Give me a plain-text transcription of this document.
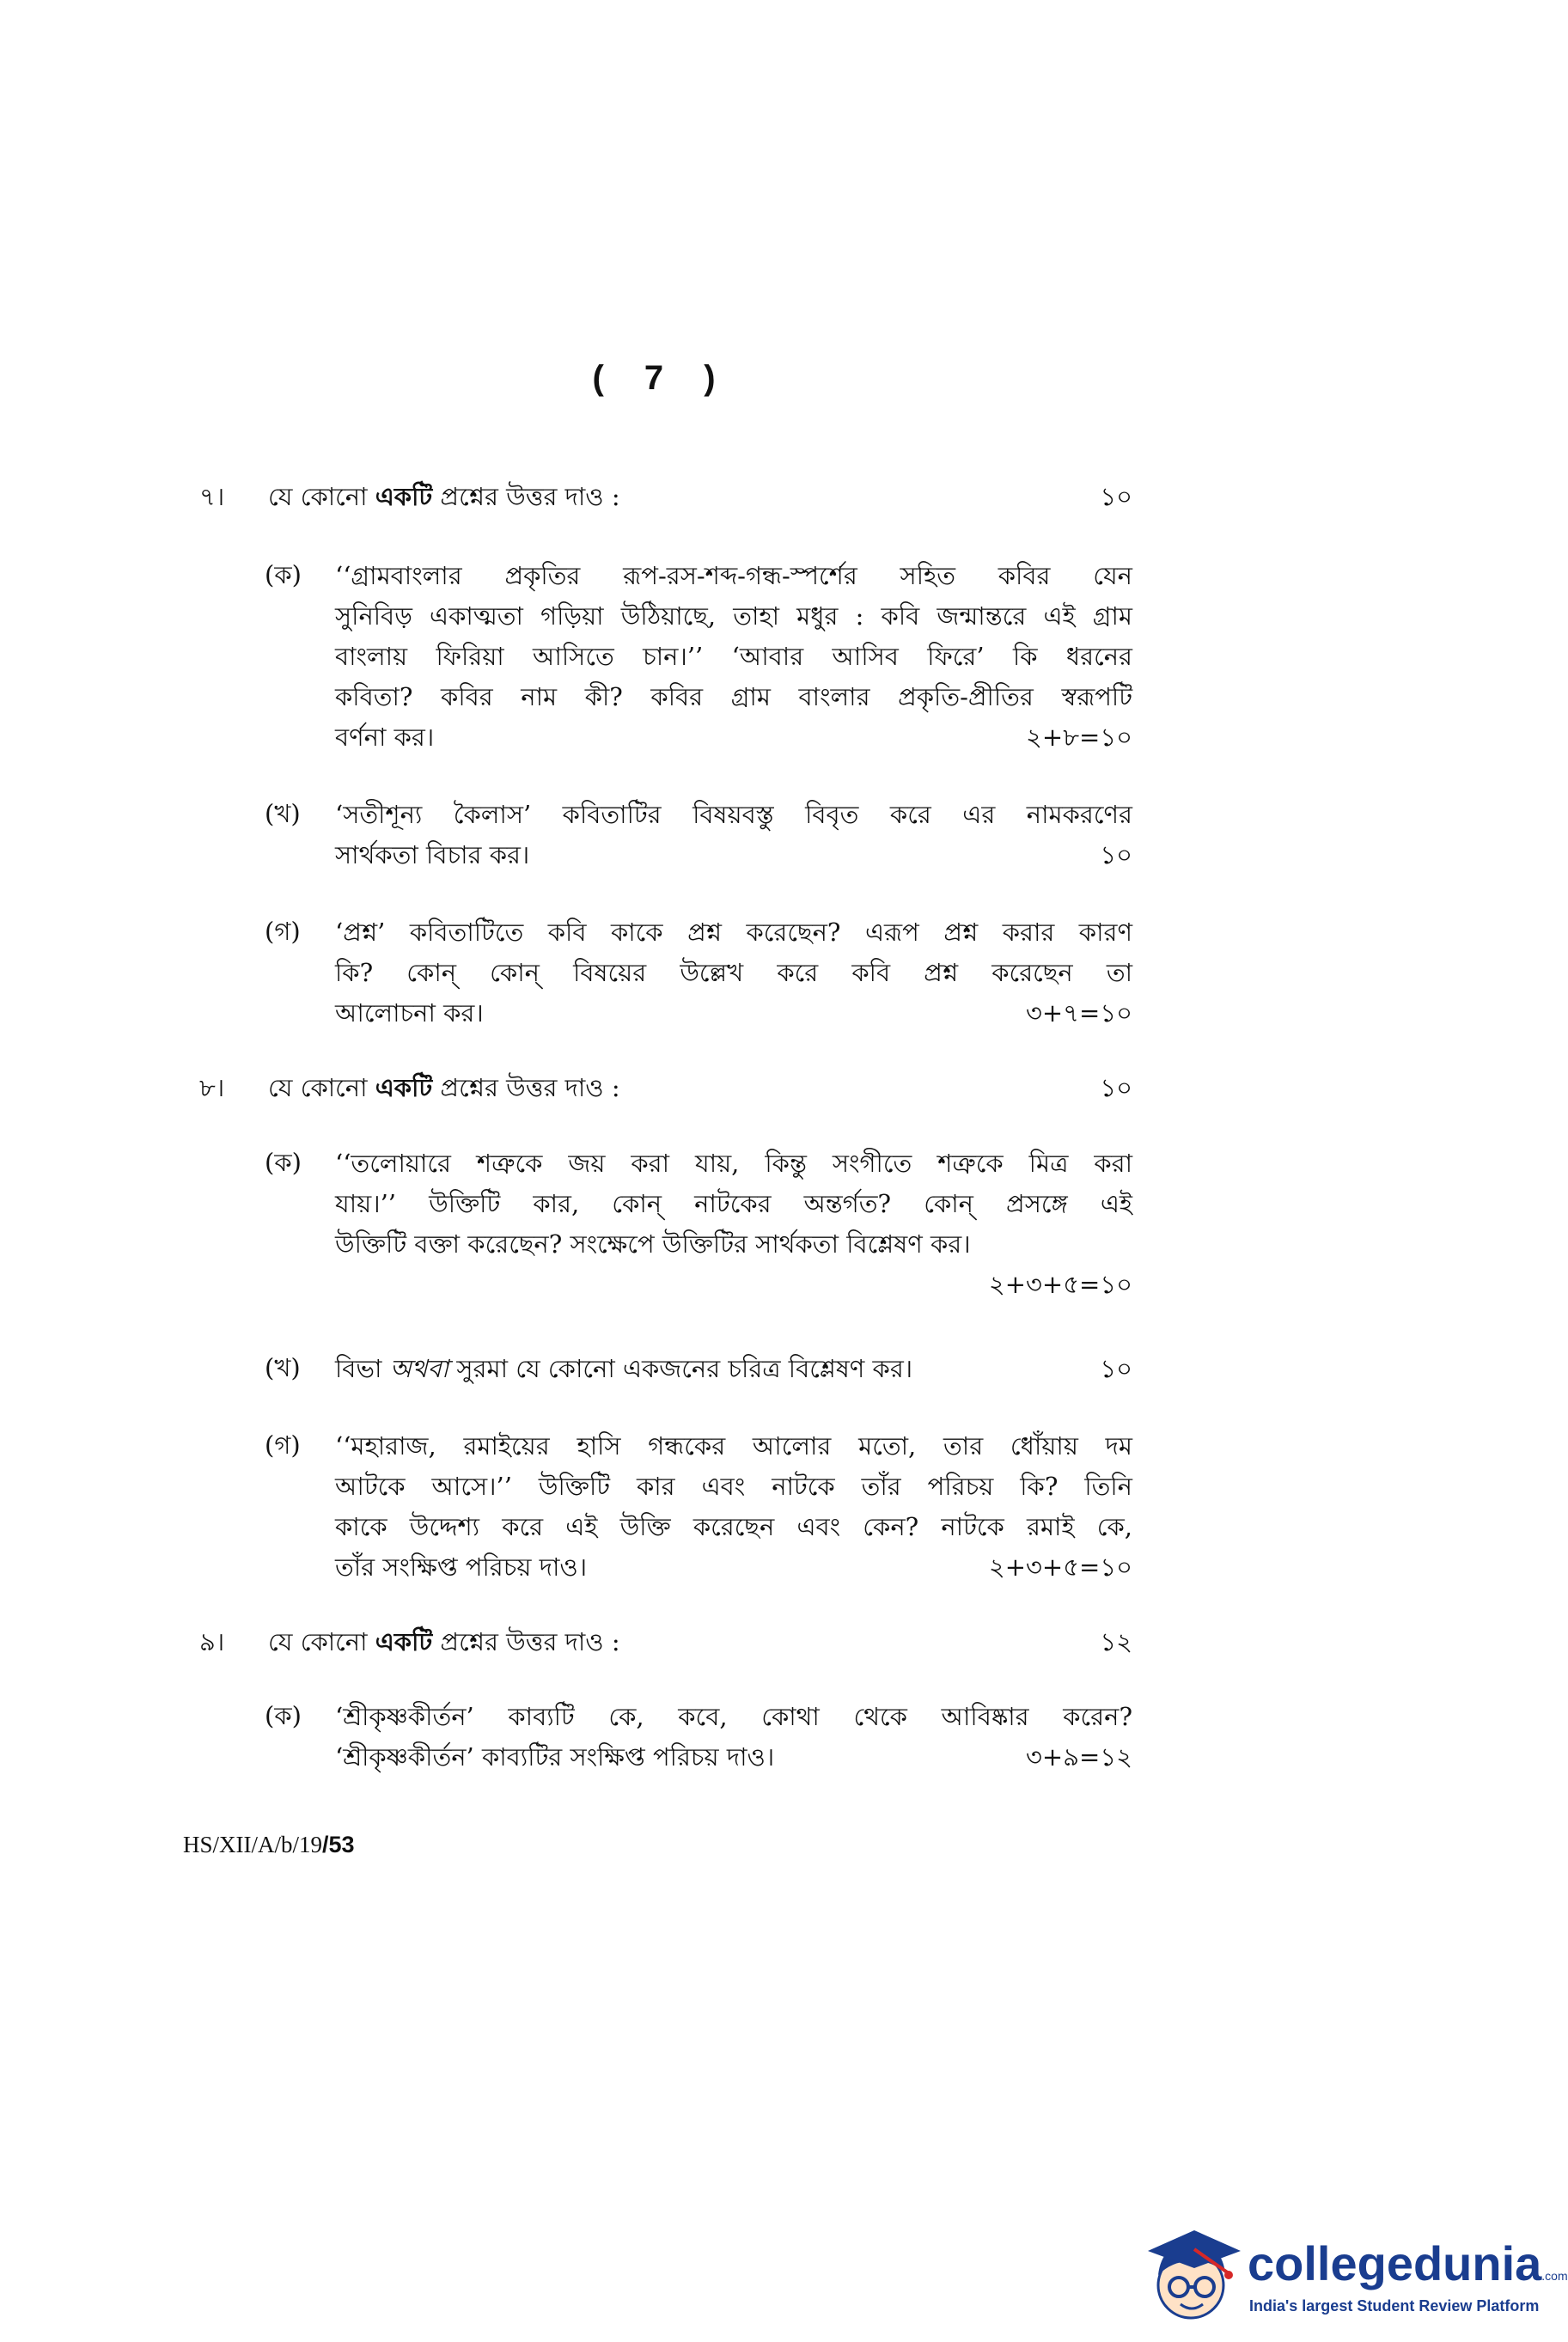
( 7 )
৭। যে কোনো একটি প্রশ্নের উত্তর দাও :	১০
(ক) ‘‘গ্রামবাংলার প্রকৃতির রূপ-রস-শব্দ-গন্ধ-স্পর্শের সহিত কবির যেন
সুনিবিড় একাত্মতা গড়িয়া উঠিয়াছে, তাহা মধুর : কবি জন্মান্তরে এই গ্রাম
বাংলায় ফিরিয়া আসিতে চান।’’ ‘আবার আসিব ফিরে’ কি ধরনের
কবিতা? কবির নাম কী? কবির গ্রাম বাংলার প্রকৃতি-প্রীতির স্বরূপটি
বর্ণনা কর।	২+৮=১০
(খ) ‘সতীশূন্য কৈলাস’ কবিতাটির বিষয়বস্তু বিবৃত করে এর নামকরণের
সার্থকতা বিচার কর।	১০
(গ) ‘প্রশ্ন’ কবিতাটিতে কবি কাকে প্রশ্ন করেছেন? এরূপ প্রশ্ন করার কারণ
কি? কোন্ কোন্ বিষয়ের উল্লেখ করে কবি প্রশ্ন করেছেন তা
আলোচনা কর।	৩+৭=১০
৮। যে কোনো একটি প্রশ্নের উত্তর দাও :	১০
(ক) ‘‘তলোয়ারে শত্রুকে জয় করা যায়, কিন্তু সংগীতে শত্রুকে মিত্র করা
যায়।’’ উক্তিটি কার, কোন্ নাটকের অন্তর্গত? কোন্ প্রসঙ্গে এই
উক্তিটি বক্তা করেছেন? সংক্ষেপে উক্তিটির সার্থকতা বিশ্লেষণ কর।
২+৩+৫=১০
(খ) বিভা অথবা সুরমা যে কোনো একজনের চরিত্র বিশ্লেষণ কর।	১০
(গ) ‘‘মহারাজ, রমাইয়ের হাসি গন্ধকের আলোর মতো, তার ধোঁয়ায় দম
আটকে আসে।’’ উক্তিটি কার এবং নাটকে তাঁর পরিচয় কি? তিনি
কাকে উদ্দেশ্য করে এই উক্তি করেছেন এবং কেন? নাটকে রমাই কে,
তাঁর সংক্ষিপ্ত পরিচয় দাও।	২+৩+৫=১০
৯। যে কোনো একটি প্রশ্নের উত্তর দাও :	১২
(ক) ‘শ্রীকৃষ্ণকীর্তন’ কাব্যটি কে, কবে, কোথা থেকে আবিষ্কার করেন?
‘শ্রীকৃষ্ণকীর্তন’ কাব্যটির সংক্ষিপ্ত পরিচয় দাও।	৩+৯=১২
HS/XII/A/b/19/53
collegedunia.com
India's largest Student Review Platform
